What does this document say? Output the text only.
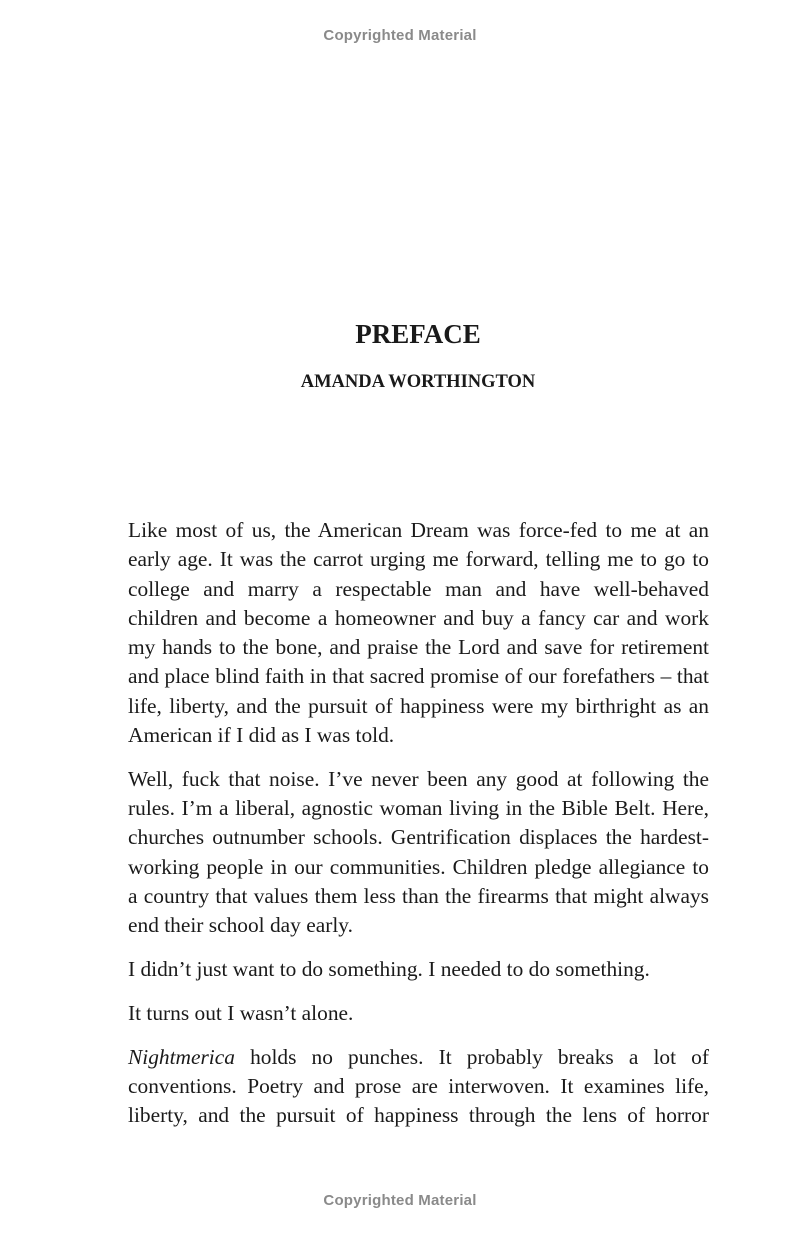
Copyrighted Material
PREFACE
AMANDA WORTHINGTON

Like most of us, the American Dream was force-fed to me at an early age. It was the carrot urging me forward, telling me to go to college and marry a respectable man and have well-behaved children and become a homeowner and buy a fancy car and work my hands to the bone, and praise the Lord and save for retirement and place blind faith in that sacred promise of our forefathers – that life, liberty, and the pursuit of happiness were my birthright as an American if I did as I was told.

Well, fuck that noise. I’ve never been any good at following the rules. I’m a liberal, agnostic woman living in the Bible Belt. Here, churches outnumber schools. Gentrification displaces the hardest-working people in our communities. Children pledge allegiance to a country that values them less than the firearms that might always end their school day early.

I didn’t just want to do something. I needed to do something.

It turns out I wasn’t alone.

Nightmerica holds no punches. It probably breaks a lot of conventions. Poetry and prose are interwoven. It examines life, liberty, and the pursuit of happiness through the lens of horror

Copyrighted Material
